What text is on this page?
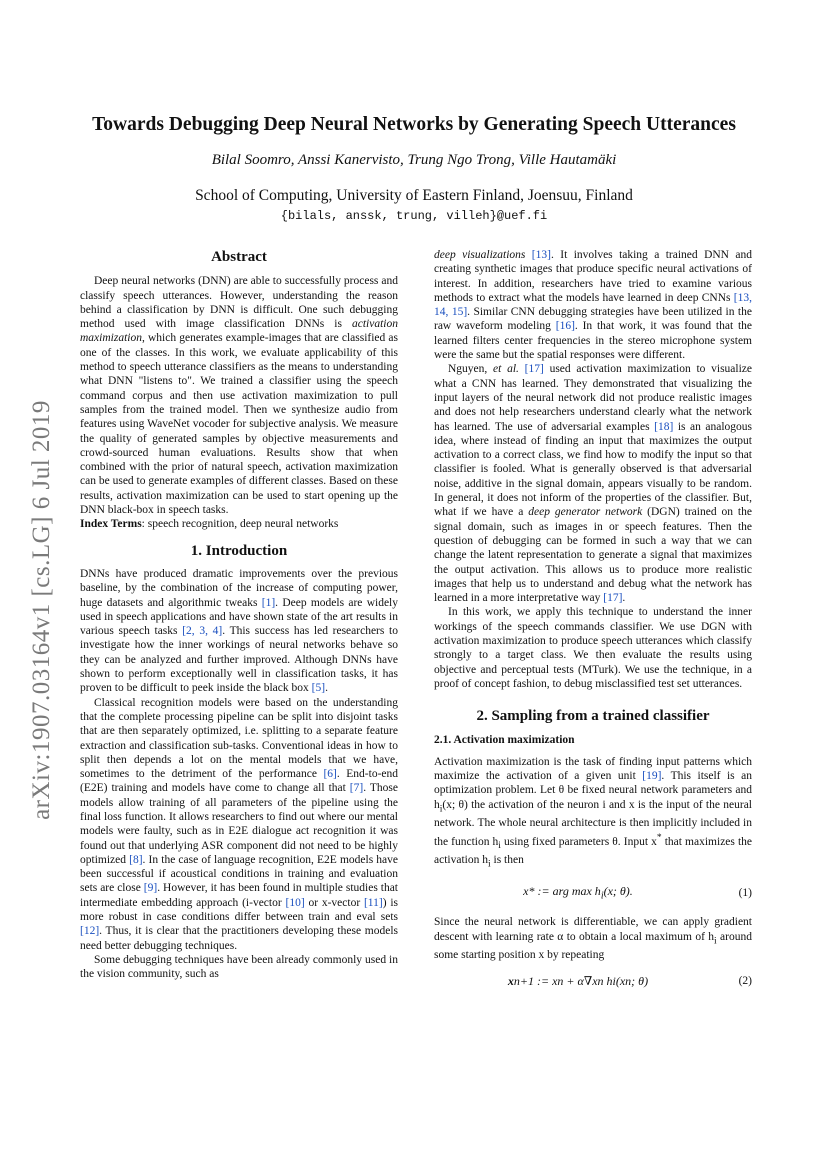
arXiv:1907.03164v1 [cs.LG] 6 Jul 2019
Towards Debugging Deep Neural Networks by Generating Speech Utterances
Bilal Soomro, Anssi Kanervisto, Trung Ngo Trong, Ville Hautamäki
School of Computing, University of Eastern Finland, Joensuu, Finland
{bilals, anssk, trung, villeh}@uef.fi
Abstract

Deep neural networks (DNN) are able to successfully process and classify speech utterances. However, understanding the reason behind a classification by DNN is difficult. One such debugging method used with image classification DNNs is activation maximization, which generates example-images that are classified as one of the classes. In this work, we evaluate applicability of this method to speech utterance classifiers as the means to understanding what DNN "listens to". We trained a classifier using the speech command corpus and then use activation maximization to pull samples from the trained model. Then we synthesize audio from features using WaveNet vocoder for subjective analysis. We measure the quality of generated samples by objective measurements and crowd-sourced human evaluations. Results show that when combined with the prior of natural speech, activation maximization can be used to generate examples of different classes. Based on these results, activation maximization can be used to start opening up the DNN black-box in speech tasks.

Index Terms: speech recognition, deep neural networks

1. Introduction

DNNs have produced dramatic improvements over the previous baseline, by the combination of the increase of computing power, huge datasets and algorithmic tweaks [1]. Deep models are widely used in speech applications and have shown state of the art results in various speech tasks [2, 3, 4]. This success has led researchers to investigate how the inner workings of neural networks behave so they can be analyzed and further improved. Although DNNs have shown to perform exceptionally well in classification tasks, it has proven to be difficult to peek inside the black box [5].

Classical recognition models were based on the understanding that the complete processing pipeline can be split into disjoint tasks that are then separately optimized, i.e. splitting to a separate feature extraction and classification sub-tasks. Conventional ideas in how to split then depends a lot on the mental models that we have, sometimes to the detriment of the performance [6]. End-to-end (E2E) training and models have come to change all that [7]. Those models allow training of all parameters of the pipeline using the final loss function. It allows researchers to find out where our mental models were faulty, such as in E2E dialogue act recognition it was found out that underlying ASR component did not need to be highly optimized [8]. In the case of language recognition, E2E models have been successful if acoustical conditions in training and evaluation sets are close [9]. However, it has been found in multiple studies that intermediate embedding approach (i-vector [10] or x-vector [11]) is more robust in case conditions differ between train and eval sets [12]. Thus, it is clear that the practitioners developing these models need better debugging techniques.

Some debugging techniques have been already commonly used in the vision community, such as

deep visualizations [13]. It involves taking a trained DNN and creating synthetic images that produce specific neural activations of interest. In addition, researchers have tried to examine various methods to extract what the models have learned in deep CNNs [13, 14, 15]. Similar CNN debugging strategies have been utilized in the raw waveform modeling [16]. In that work, it was found that the learned filters center frequencies in the stereo microphone system were the same but the spatial responses were different.

Nguyen, et al. [17] used activation maximization to visualize what a CNN has learned. They demonstrated that visualizing the input layers of the neural network did not produce realistic images and does not help researchers understand clearly what the network has learned. The use of adversarial examples [18] is an analogous idea, where instead of finding an input that maximizes the output activation to a correct class, we find how to modify the input so that classifier is fooled. What is generally observed is that adversarial noise, additive in the signal domain, appears visually to be random. In general, it does not inform of the properties of the classifier. But, what if we have a deep generator network (DGN) trained on the signal domain, such as images in or speech features. Then the question of debugging can be formed in such a way that we can change the latent representation to generate a signal that maximizes the output activation. This allows us to produce more realistic images that help us to understand and debug what the network has learned in a more interpretative way [17].

In this work, we apply this technique to understand the inner workings of the speech commands classifier. We use DGN with activation maximization to produce speech utterances which classify strongly to a target class. We then evaluate the results using objective and perceptual tests (MTurk). We use the technique, in a proof of concept fashion, to debug misclassified test set utterances.

2. Sampling from a trained classifier
2.1. Activation maximization

Activation maximization is the task of finding input patterns which maximize the activation of a given unit [19]. This itself is an optimization problem. Let θ be fixed neural network parameters and $h_i(x$; θ) the activation of the neuron i and x is the input of the neural network. The whole neural architecture is then implicitly included in the function $h_i$ using fixed parameters θ. Input x* that maximizes the activation $h_i$ is then

x* := arg $\max h_i(x$; θ).	(1)

Since the neural network is differentiable, we can apply gradient descent with learning rate α to obtain a local maximum of $h_i$ around some starting position x by repeating

xn+1 := xn + α∇xn hi(xn; θ)	(2)
